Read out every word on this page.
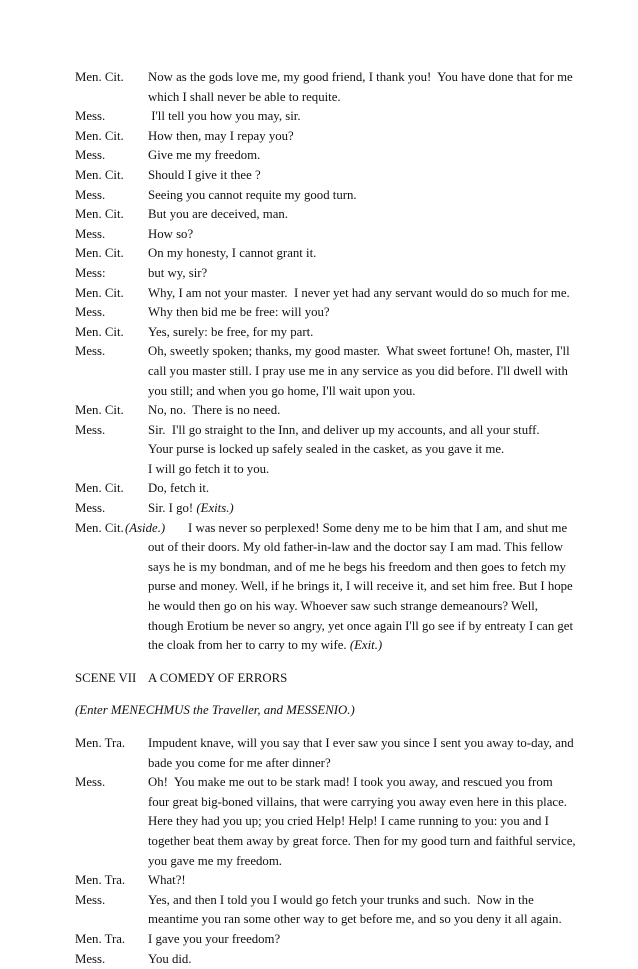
Men. Cit.	Now as the gods love me, my good friend, I thank you!  You have done that for me
which I shall never be able to requite.
Mess.	I'll tell you how you may, sir.
Men. Cit.	How then, may I repay you?
Mess.	Give me my freedom.
Men. Cit.	Should I give it thee ?
Mess.	Seeing you cannot requite my good turn.
Men. Cit.	But you are deceived, man.
Mess.	How so?
Men. Cit.	On my honesty, I cannot grant it.
Mess:	but wy, sir?
Men. Cit.	Why, I am not your master.  I never yet had any servant would do so much for me.
Mess.	Why then bid me be free: will you?
Men. Cit.	Yes, surely: be free, for my part.
Mess.	Oh, sweetly spoken; thanks, my good master.  What sweet fortune! Oh, master, I'll
call you master still. I pray use me in any service as you did before. I'll dwell with
you still; and when you go home, I'll wait upon you.
Men. Cit.	No, no.  There is no need.
Mess.	Sir.  I'll go straight to the Inn, and deliver up my accounts, and all your stuff.
Your purse is locked up safely sealed in the casket, as you gave it me.
I will go fetch it to you.
Men. Cit.	Do, fetch it.
Mess.	Sir. I go! (Exits.)
Men. Cit. (Aside.)	I was never so perplexed! Some deny me to be him that I am, and shut me
out of their doors. My old father-in-law and the doctor say I am mad. This fellow
says he is my bondman, and of me he begs his freedom and then goes to fetch my
purse and money. Well, if he brings it, I will receive it, and set him free. But I hope
he would then go on his way. Whoever saw such strange demeanours? Well,
though Erotium be never so angry, yet once again I'll go see if by entreaty I can get
the cloak from her to carry to my wife. (Exit.)
SCENE VII A COMEDY OF ERRORS
(Enter MENECHMUS the Traveller, and MESSENIO.)
Men. Tra.	Impudent knave, will you say that I ever saw you since I sent you away to-day, and
bade you come for me after dinner?
Mess.	Oh!  You make me out to be stark mad! I took you away, and rescued you from
four great big-boned villains, that were carrying you away even here in this place.
Here they had you up; you cried Help! Help! I came running to you: you and I
together beat them away by great force. Then for my good turn and faithful service,
you gave me my freedom.
Men. Tra.	What?!
Mess.	Yes, and then I told you I would go fetch your trunks and such.  Now in the
meantime you ran some other way to get before me, and so you deny it all again.
Men. Tra.	I gave you your freedom?
Mess.	You did.
